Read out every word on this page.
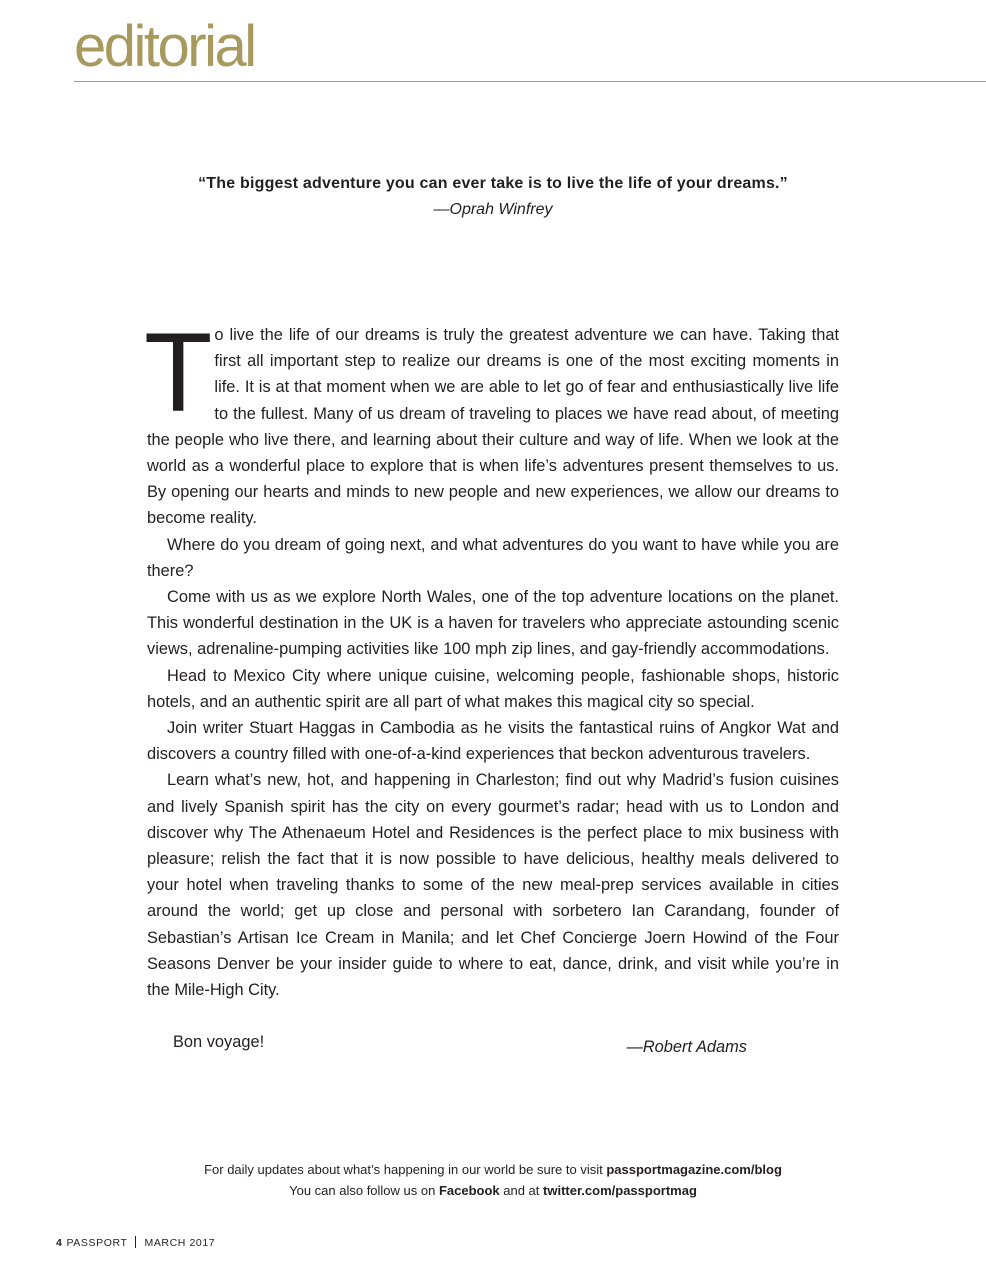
editorial

“The biggest adventure you can ever take is to live the life of your dreams.”

—Oprah Winfrey

T o live the life of our dreams is truly the greatest adventure we can have. Taking that first all important step to realize our dreams is one of the most exciting moments in life. It is at that moment when we are able to let go of fear and enthusiastically live life to the fullest. Many of us dream of traveling to places we have read about, of meeting the people who live there, and learning about their culture and way of life. When we look at the world as a wonderful place to explore that is when life’s adventures present themselves to us. By opening our hearts and minds to new people and new experiences, we allow our dreams to become reality.

Where do you dream of going next, and what adventures do you want to have while you are there?

Come with us as we explore North Wales, one of the top adventure locations on the planet. This wonderful destination in the UK is a haven for travelers who appreciate astounding scenic views, adrenaline-pumping activities like 100 mph zip lines, and gay-friendly accommodations.

Head to Mexico City where unique cuisine, welcoming people, fashionable shops, historic hotels, and an authentic spirit are all part of what makes this magical city so special.

Join writer Stuart Haggas in Cambodia as he visits the fantastical ruins of Angkor Wat and discovers a country filled with one-of-a-kind experiences that beckon adventurous travelers.

Learn what’s new, hot, and happening in Charleston; find out why Madrid’s fusion cuisines and lively Spanish spirit has the city on every gourmet’s radar; head with us to London and discover why The Athenaeum Hotel and Residences is the perfect place to mix business with pleasure; relish the fact that it is now possible to have delicious, healthy meals delivered to your hotel when traveling thanks to some of the new meal-prep services available in cities around the world; get up close and personal with sorbetero Ian Carandang, founder of Sebastian’s Artisan Ice Cream in Manila; and let Chef Concierge Joern Howind of the Four Seasons Denver be your insider guide to where to eat, dance, drink, and visit while you’re in the Mile-High City.

Bon voyage!	—Robert Adams
For daily updates about what’s happening in our world be sure to visit passportmagazine.com/blog
You can also follow us on Facebook and at twitter.com/passportmag
4 PASSPORT MARCH 2017
